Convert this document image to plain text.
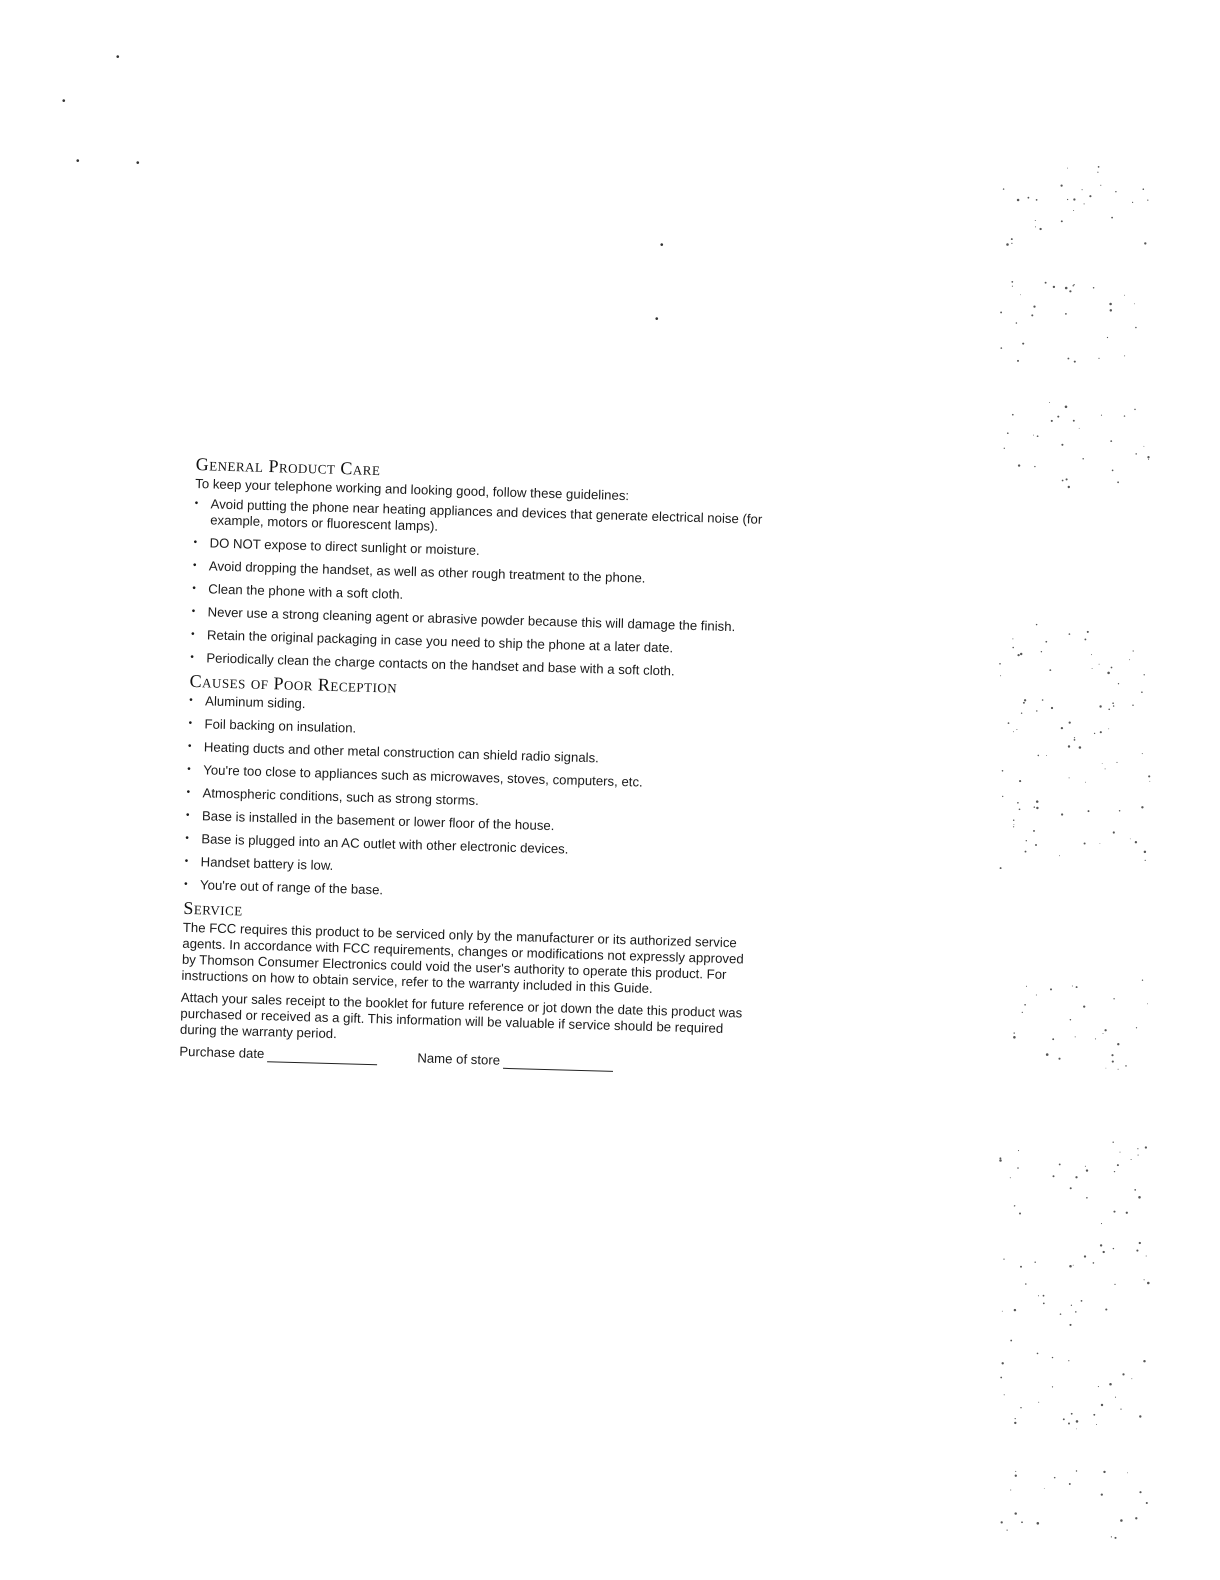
•
•
•	•
•
•
General Product Care

To keep your telephone working and looking good, follow these guidelines:

• Avoid putting the phone near heating appliances and devices that generate electrical noise (for example, motors or fluorescent lamps).
• DO NOT expose to direct sunlight or moisture.
• Avoid dropping the handset, as well as other rough treatment to the phone.
• Clean the phone with a soft cloth.
• Never use a strong cleaning agent or abrasive powder because this will damage the finish.
• Retain the original packaging in case you need to ship the phone at a later date.
• Periodically clean the charge contacts on the handset and base with a soft cloth.
Causes of Poor Reception
• Aluminum siding.
• Foil backing on insulation.
• Heating ducts and other metal construction can shield radio signals.
• You're too close to appliances such as microwaves, stoves, computers, etc.
• Atmospheric conditions, such as strong storms.
• Base is installed in the basement or lower floor of the house.
• Base is plugged into an AC outlet with other electronic devices.
• Handset battery is low.
• You're out of range of the base.
Service

The FCC requires this product to be serviced only by the manufacturer or its authorized service agents. In accordance with FCC requirements, changes or modifications not expressly approved by Thomson Consumer Electronics could void the user's authority to operate this product. For instructions on how to obtain service, refer to the warranty included in this Guide.

Attach your sales receipt to the booklet for future reference or jot down the date this product was purchased or received as a gift. This information will be valuable if service should be required during the warranty period.

Purchase date	Name of store
